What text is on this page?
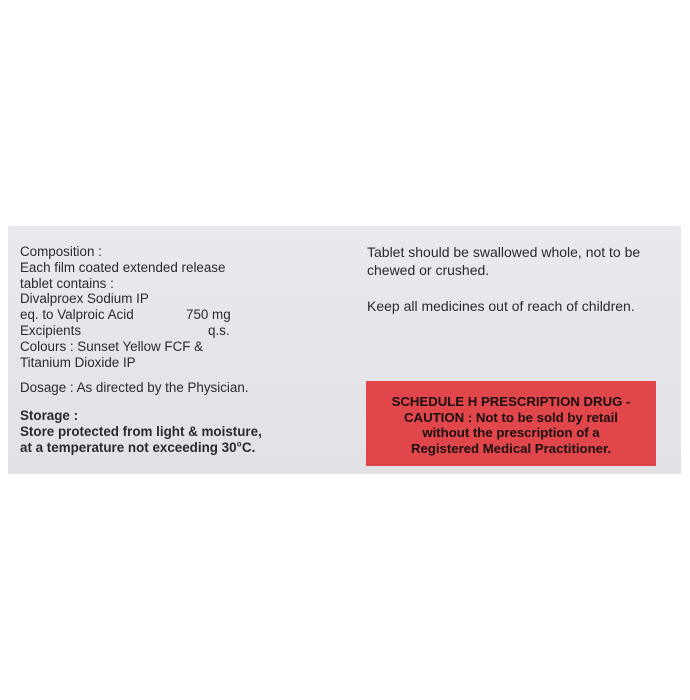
Composition :
Each film coated extended release
tablet contains :
Divalproex Sodium IP
eq. to Valproic Acid	750 mg
Excipients	q.s.
Colours : Sunset Yellow FCF &
Titanium Dioxide IP
Dosage : As directed by the Physician.
Storage :
Store protected from light & moisture,
at a temperature not exceeding 30°C.
Tablet should be swallowed whole, not to be
chewed or crushed.
Keep all medicines out of reach of children.
SCHEDULE H PRESCRIPTION DRUG -
CAUTION : Not to be sold by retail
without the prescription of a
Registered Medical Practitioner.
